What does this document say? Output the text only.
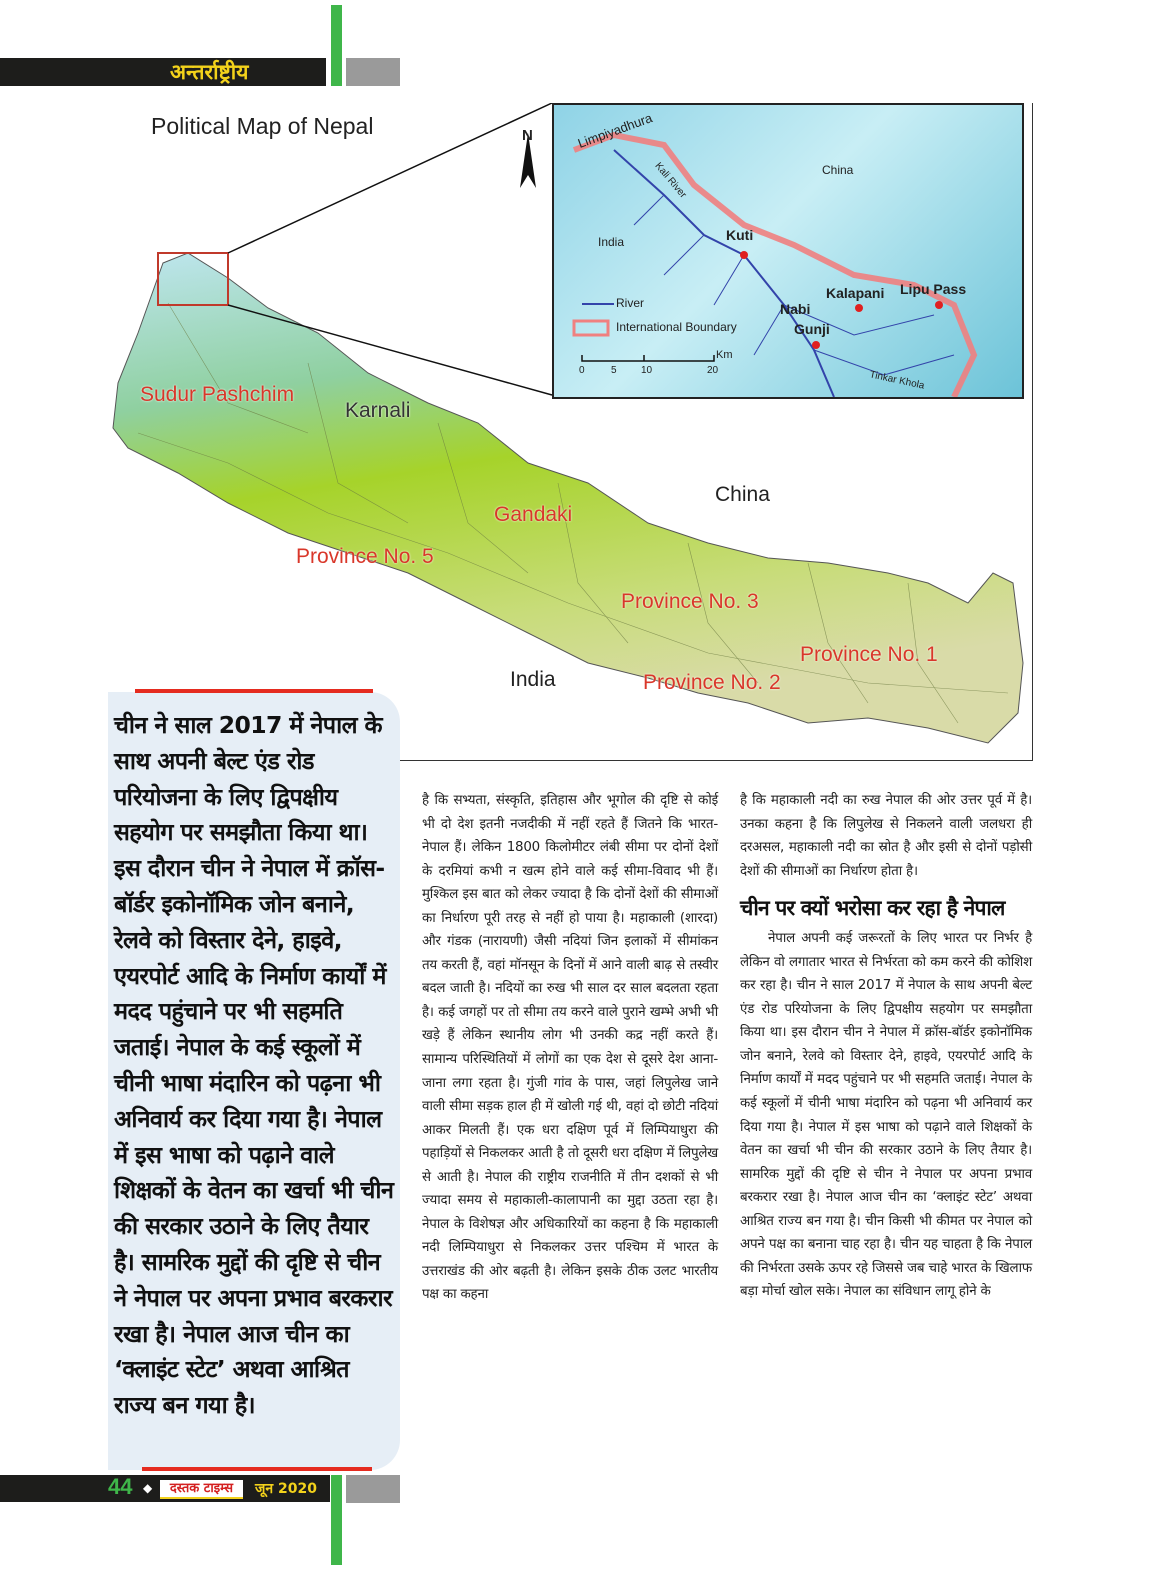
अन्तर्राष्ट्रीय
Political Map of Nepal	N
China
India
Sudur Pashchim
Karnali
Gandaki
Province No. 5
Province No. 3
Province No. 1
Province No. 2
Limpiyadhura
Kali River	China
India	Kuti
Kalapani Lipu Pass
Nabi
Gunji
Tinkar Khola
River
International Boundary
Km
0	5 10	20
चीन ने साल 2017 में नेपाल के साथ अपनी बेल्ट एंड रोड परियोजना के लिए द्विपक्षीय सहयोग पर समझौता किया था। इस दौरान चीन ने नेपाल में क्रॉस-बॉर्डर इकोनॉमिक जोन बनाने, रेलवे को विस्तार देने, हाइवे, एयरपोर्ट आदि के निर्माण कार्यों में मदद पहुंचाने पर भी सहमति जताई। नेपाल के कई स्कूलों में चीनी भाषा मंदारिन को पढ़ना भी अनिवार्य कर दिया गया है। नेपाल में इस भाषा को पढ़ाने वाले शिक्षकों के वेतन का खर्चा भी चीन की सरकार उठाने के लिए तैयार है। सामरिक मुद्दों की दृष्टि से चीन ने नेपाल पर अपना प्रभाव बरकरार रखा है। नेपाल आज चीन का ‘क्लाइंट स्टेट’ अथवा आश्रित राज्य बन गया है।

है कि सभ्यता, संस्कृति, इतिहास और भूगोल की दृष्टि से कोई भी दो देश इतनी नजदीकी में नहीं रहते हैं जितने कि भारत-नेपाल हैं। लेकिन 1800 किलोमीटर लंबी सीमा पर दोनों देशों के दरमियां कभी न खत्म होने वाले कई सीमा-विवाद भी हैं। मुश्किल इस बात को लेकर ज्यादा है कि दोनों देशों की सीमाओं का निर्धारण पूरी तरह से नहीं हो पाया है। महाकाली (शारदा) और गंडक (नारायणी) जैसी नदियां जिन इलाकों में सीमांकन तय करती हैं, वहां मॉनसून के दिनों में आने वाली बाढ़ से तस्वीर बदल जाती है। नदियों का रुख भी साल दर साल बदलता रहता है। कई जगहों पर तो सीमा तय करने वाले पुराने खम्भे अभी भी खड़े हैं लेकिन स्थानीय लोग भी उनकी कद्र नहीं करते हैं। सामान्य परिस्थितियों में लोगों का एक देश से दूसरे देश आना-जाना लगा रहता है। गुंजी गांव के पास, जहां लिपुलेख जाने वाली सीमा सड़क हाल ही में खोली गई थी, वहां दो छोटी नदियां आकर मिलती हैं। एक धरा दक्षिण पूर्व में लिम्पियाधुरा की पहाड़ियों से निकलकर आती है तो दूसरी धरा दक्षिण में लिपुलेख से आती है। नेपाल की राष्ट्रीय राजनीति में तीन दशकों से भी ज्यादा समय से महाकाली-कालापानी का मुद्दा उठता रहा है। नेपाल के विशेषज्ञ और अधिकारियों का कहना है कि महाकाली नदी लिम्पियाधुरा से निकलकर उत्तर पश्चिम में भारत के उत्तराखंड की ओर बढ़ती है। लेकिन इसके ठीक उलट भारतीय पक्ष का कहना

है कि महाकाली नदी का रुख नेपाल की ओर उत्तर पूर्व में है। उनका कहना है कि लिपुलेख से निकलने वाली जलधरा ही दरअसल, महाकाली नदी का स्रोत है और इसी से दोनों पड़ोसी देशों की सीमाओं का निर्धारण होता है।

चीन पर क्यों भरोसा कर रहा है नेपाल

नेपाल अपनी कई जरूरतों के लिए भारत पर निर्भर है लेकिन वो लगातार भारत से निर्भरता को कम करने की कोशिश कर रहा है। चीन ने साल 2017 में नेपाल के साथ अपनी बेल्ट एंड रोड परियोजना के लिए द्विपक्षीय सहयोग पर समझौता किया था। इस दौरान चीन ने नेपाल में क्रॉस-बॉर्डर इकोनॉमिक जोन बनाने, रेलवे को विस्तार देने, हाइवे, एयरपोर्ट आदि के निर्माण कार्यों में मदद पहुंचाने पर भी सहमति जताई। नेपाल के कई स्कूलों में चीनी भाषा मंदारिन को पढ़ना भी अनिवार्य कर दिया गया है। नेपाल में इस भाषा को पढ़ाने वाले शिक्षकों के वेतन का खर्चा भी चीन की सरकार उठाने के लिए तैयार है। सामरिक मुद्दों की दृष्टि से चीन ने नेपाल पर अपना प्रभाव बरकरार रखा है। नेपाल आज चीन का ‘क्लाइंट स्टेट’ अथवा आश्रित राज्य बन गया है। चीन किसी भी कीमत पर नेपाल को अपने पक्ष का बनाना चाह रहा है। चीन यह चाहता है कि नेपाल की निर्भरता उसके ऊपर रहे जिससे जब चाहे भारत के खिलाफ बड़ा मोर्चा खोल सके। नेपाल का संविधान लागू होने के

44 ◆	दस्तक टाइम्स	जून 2020
